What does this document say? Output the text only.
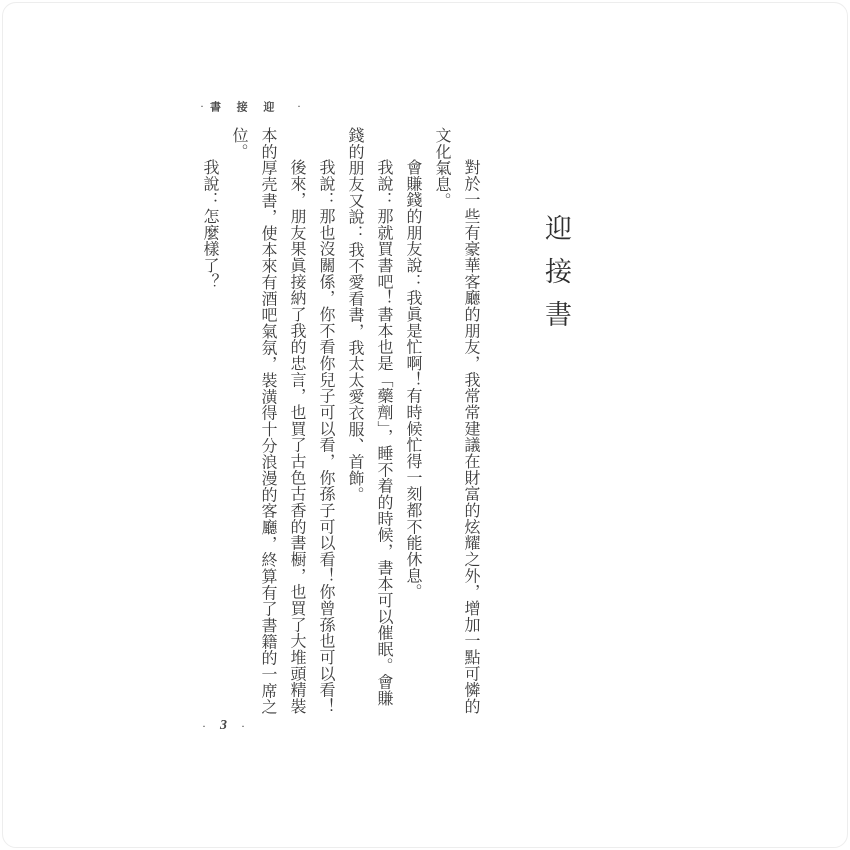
· 書接迎 ·
迎接書

對於一些有豪華客廳的朋友，我常常建議在財富的炫耀之外，增加一點可憐的文化氣息。

會賺錢的朋友說：我眞是忙啊！有時候忙得一刻都不能休息。

我說：那就買書吧！書本也是「藥劑」，睡不着的時候，書本可以催眠。會賺錢的朋友又說：我不愛看書，我太太愛衣服、首飾。

我說：那也沒關係，你不看你兒子可以看，你孫子可以看！你曾孫也可以看！

後來，朋友果眞接納了我的忠言，也買了古色古香的書橱，也買了大堆頭精裝本的厚壳書，使本來有酒吧氣氛，裝潢得十分浪漫的客廳，終算有了書籍的一席之位。

我說：怎麼樣了？

· 3 ·
